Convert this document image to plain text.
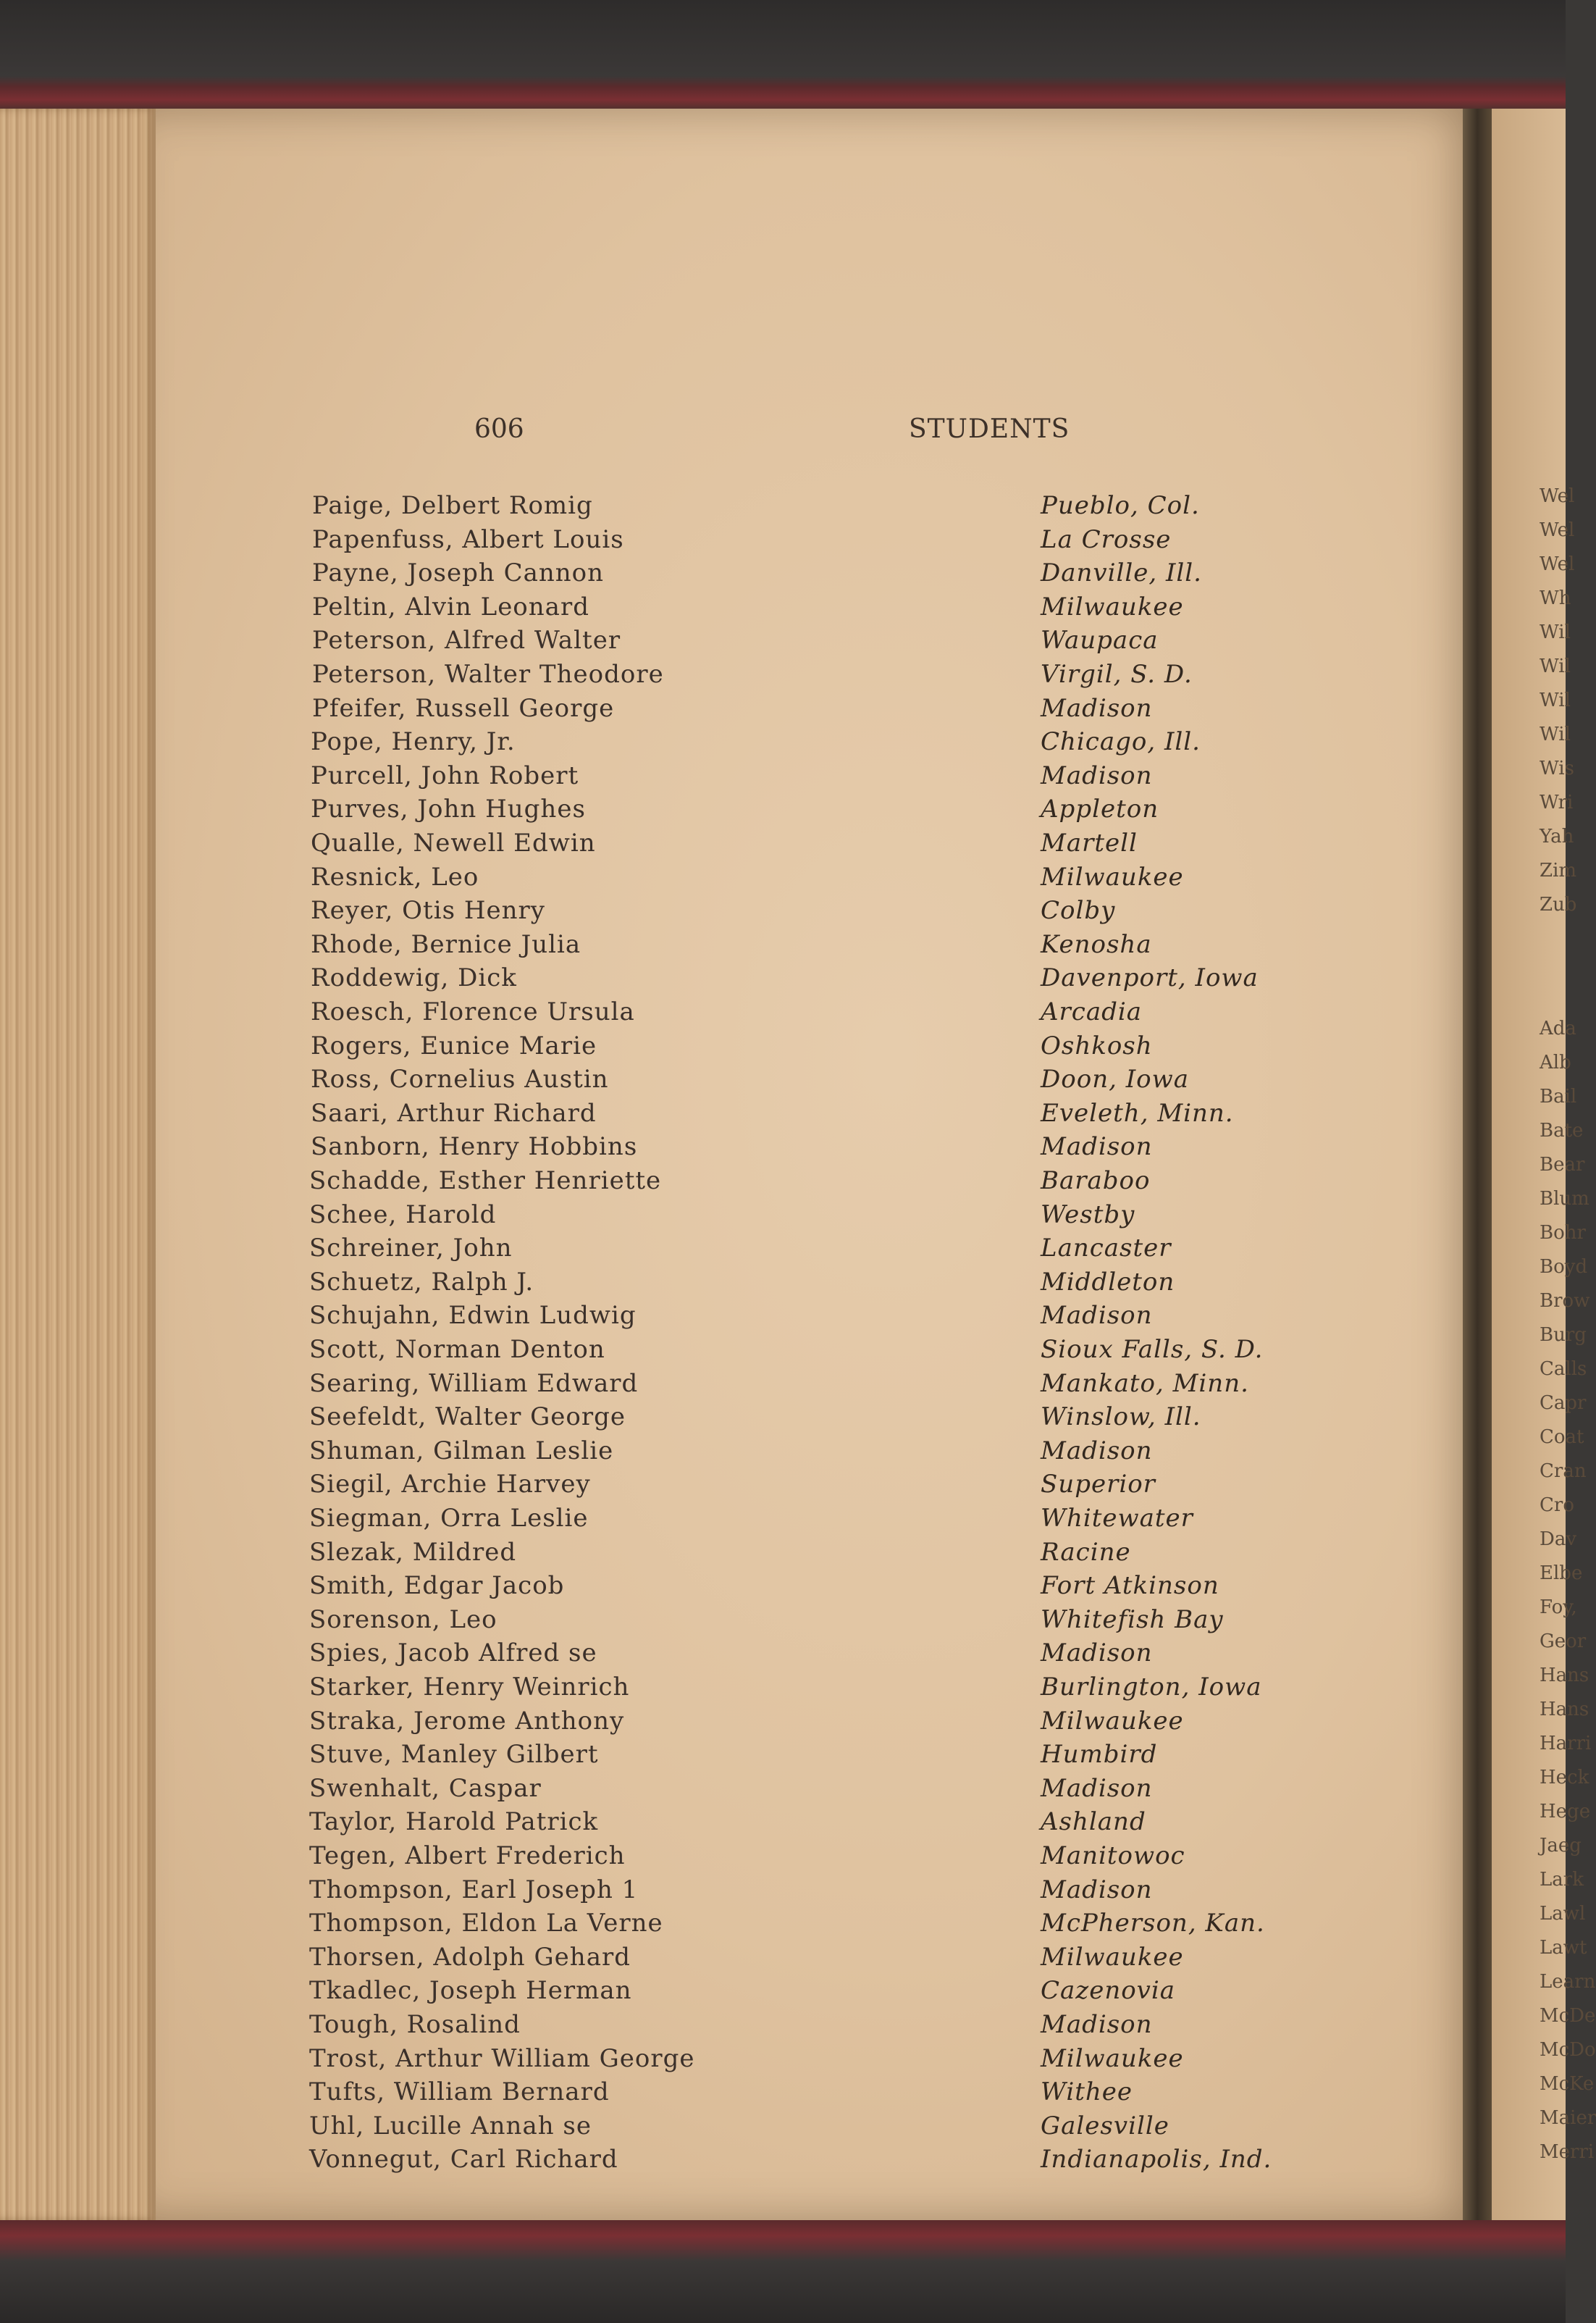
606	STUDENTS
Paige, Delbert Romig	Pueblo, Col.
Papenfuss, Albert Louis	La Crosse
Payne, Joseph Cannon	Danville, Ill.
Peltin, Alvin Leonard	Milwaukee
Peterson, Alfred Walter	Waupaca
Peterson, Walter Theodore	Virgil, S. D.
Pfeifer, Russell George	Madison
Pope, Henry, Jr.	Chicago, Ill.
Purcell, John Robert	Madison
Purves, John Hughes	Appleton
Qualle, Newell Edwin	Martell
Resnick, Leo	Milwaukee
Reyer, Otis Henry	Colby
Rhode, Bernice Julia	Kenosha
Roddewig, Dick	Davenport, Iowa
Roesch, Florence Ursula	Arcadia
Rogers, Eunice Marie	Oshkosh
Ross, Cornelius Austin	Doon, Iowa
Saari, Arthur Richard	Eveleth, Minn.
Sanborn, Henry Hobbins	Madison
Schadde, Esther Henriette	Baraboo
Schee, Harold	Westby
Schreiner, John	Lancaster
Schuetz, Ralph J.	Middleton
Schujahn, Edwin Ludwig	Madison
Scott, Norman Denton	Sioux Falls, S. D.
Searing, William Edward	Mankato, Minn.
Seefeldt, Walter George	Winslow, Ill.
Shuman, Gilman Leslie	Madison
Siegil, Archie Harvey	Superior
Siegman, Orra Leslie	Whitewater
Slezak, Mildred	Racine
Smith, Edgar Jacob	Fort Atkinson
Sorenson, Leo	Whitefish Bay
Spies, Jacob Alfred se	Madison
Starker, Henry Weinrich	Burlington, Iowa
Straka, Jerome Anthony	Milwaukee
Stuve, Manley Gilbert	Humbird
Swenhalt, Caspar	Madison
Taylor, Harold Patrick	Ashland
Tegen, Albert Frederich	Manitowoc
Thompson, Earl Joseph 1	Madison
Thompson, Eldon La Verne	McPherson, Kan.
Thorsen, Adolph Gehard	Milwaukee
Tkadlec, Joseph Herman	Cazenovia
Tough, Rosalind	Madison
Trost, Arthur William George	Milwaukee
Tufts, William Bernard	Withee
Uhl, Lucille Annah se	Galesville
Vonnegut, Carl Richard	Indianapolis, Ind.
Wel
Wel
Wel
Wh
Wil
Wil
Wil
Wil
Wis
Wri
Yah
Zim
Zub
Ada
Alb
Bail
Bate
Bear
Blum
Bohr
Boyd
Brow
Burg
Calls
Capr
Coat
Cran
Cro
Dav
Elbe
Foy,
Geor
Hans
Hans
Harri
Heck
Hege
Jaeg
Lark
Lawl
Lawt
Learn
McDe
McDo
McKe
Maier
Merri
